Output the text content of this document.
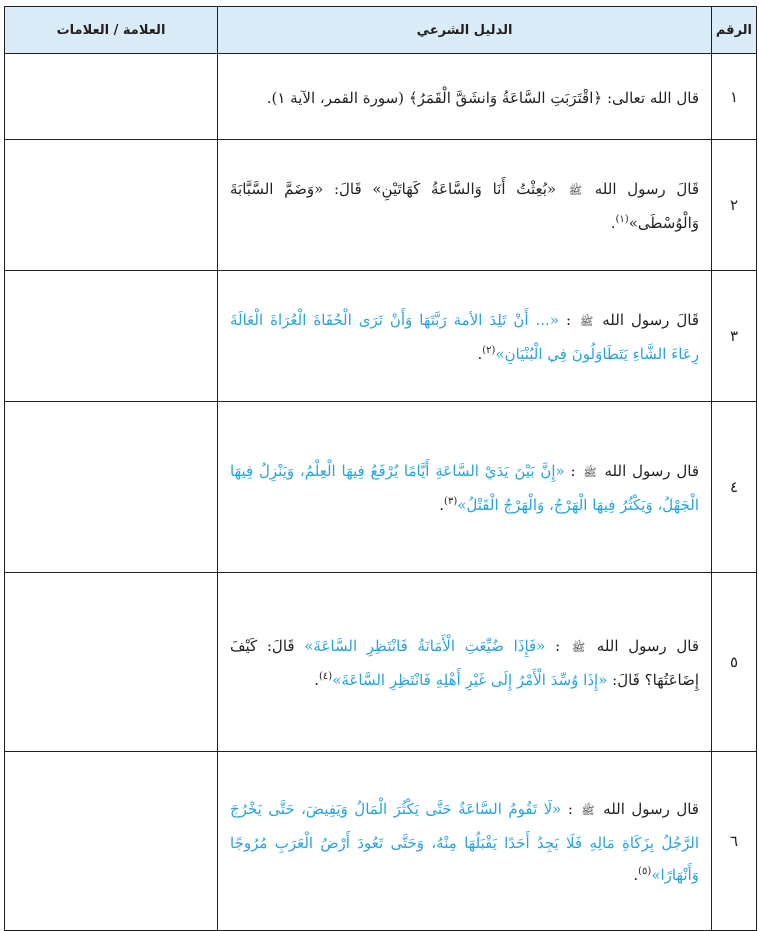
الرقم	الدليل الشرعي	العلامة / العلامات
١	قال الله تعالى: ﴿اقْتَرَبَتِ السَّاعَةُ وَانشَقَّ الْقَمَرُ﴾ (سورة القمر، الآية ١).	
٢	قَالَ رسول الله ﷺ «بُعِثْتُ أَنَا وَالسَّاعَةُ كَهَاتَيْنِ» قَالَ: «وَضَمَّ السَّبَّابَةَ وَالْوُسْطَى»$^{(١)}$.	
٣	قَالَ رسول الله ﷺ : «... أَنْ تَلِدَ الأمة رَبَّتَهَا وَأَنْ تَرَى الْحُفَاةَ الْعُرَاةَ الْعَالَةَ رِعَاءَ الشَّاءِ يَتَطَاوَلُونَ فِي الْبُنْيَانِ»$^{(٢)}$.	
٤	قال رسول الله ﷺ : «إِنَّ بَيْنَ يَدَيْ السَّاعَةِ أَيَّامًا يُرْفَعُ فِيهَا الْعِلْمُ، وَيَنْزِلُ فِيهَا الْجَهْلُ، وَيَكْثُرُ فِيهَا الْهَرْجُ، وَالْهَرْجُ الْقَتْلُ»$^{(٣)}$.	
٥	قال رسول الله ﷺ : «فَإِذَا ضُيِّعَتِ الْأَمَانَةُ فَانْتَظِرِ السَّاعَةَ» قَالَ: كَيْفَ إِضَاعَتُهَا؟ قَالَ: «إِذَا وُسِّدَ الْأَمْرُ إِلَى غَيْرِ أَهْلِهِ فَانْتَظِرِ السَّاعَةَ»$^{(٤)}$.	
٦	قال رسول الله ﷺ : «لَا تَقُومُ السَّاعَةُ حَتَّى يَكْثُرَ الْمَالُ وَيَفِيضَ، حَتَّى يَخْرُجَ الرَّجُلُ بِزَكَاةِ مَالِهِ فَلَا يَجِدُ أَحَدًا يَقْبَلُهَا مِنْهُ، وَحَتَّى تَعُودَ أَرْضُ الْعَرَبِ مُرُوجًا وَأَنْهَارًا»$^{(٥)}$.	
